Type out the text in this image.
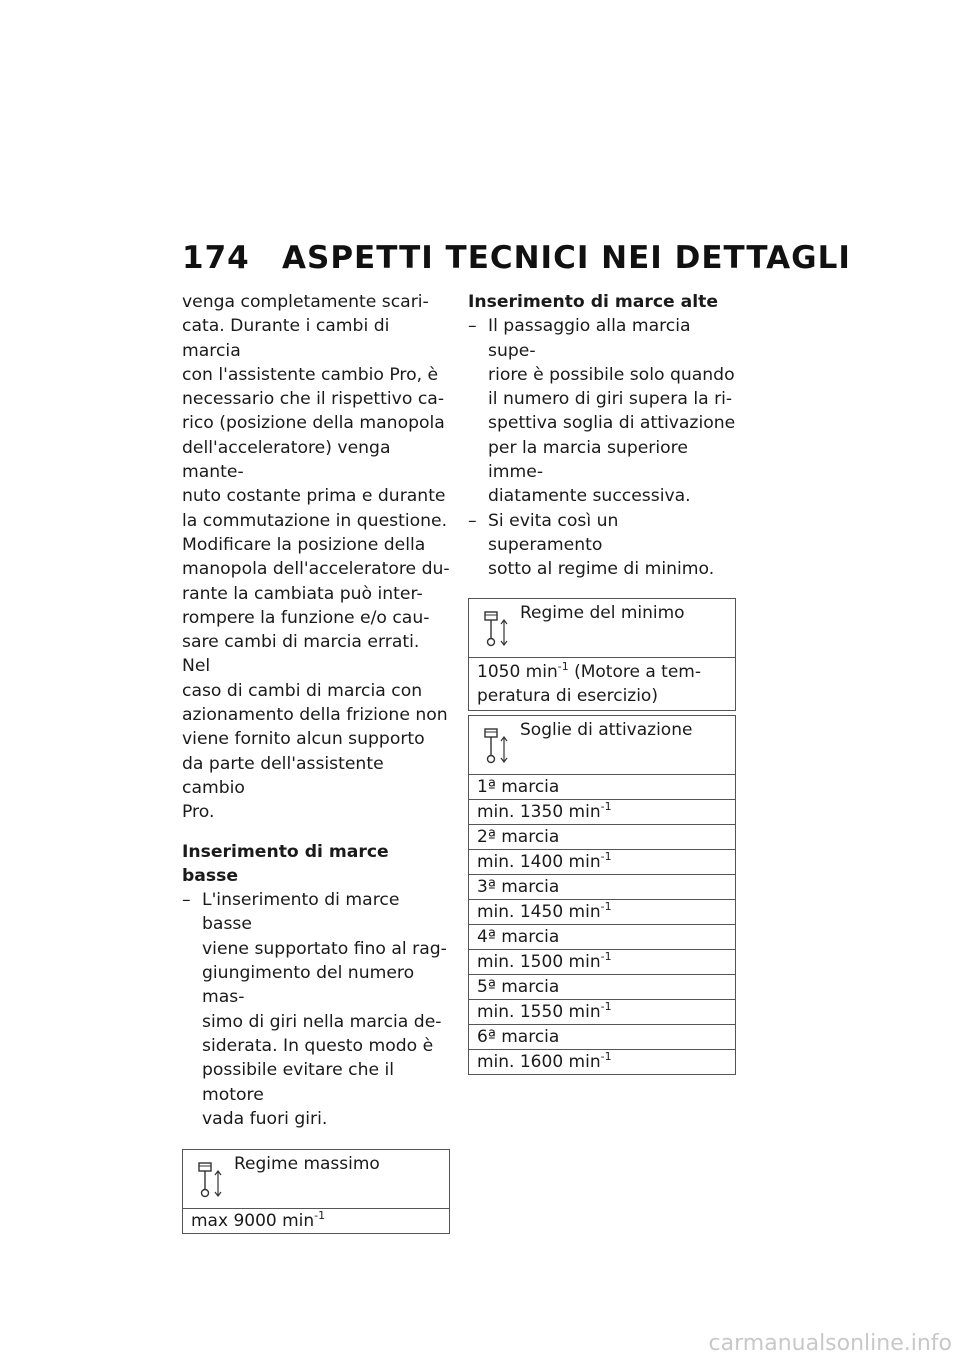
174 ASPETTI TECNICI NEI DETTAGLI
venga completamente scari-
cata. Durante i cambi di marcia
con l'assistente cambio Pro, è
necessario che il rispettivo ca-
rico (posizione della manopola
dell'acceleratore) venga mante-
nuto costante prima e durante
la commutazione in questione.
Modificare la posizione della
manopola dell'acceleratore du-
rante la cambiata può inter-
rompere la funzione e/o cau-
sare cambi di marcia errati. Nel
caso di cambi di marcia con
azionamento della frizione non
viene fornito alcun supporto
da parte dell'assistente cambio
Pro.
Inserimento di marce basse
– L'inserimento di marce basse
viene supportato fino al rag-
giungimento del numero mas-
simo di giri nella marcia de-
siderata. In questo modo è
possibile evitare che il motore
vada fuori giri.
Regime massimo
max 9000 $\min^{-1}$
Inserimento di marce alte
– Il passaggio alla marcia supe-
riore è possibile solo quando
il numero di giri supera la ri-
spettiva soglia di attivazione
per la marcia superiore imme-
diatamente successiva.
– Si evita così un superamento
sotto al regime di minimo.
Regime del minimo
1050 $\min^{-1}$ (Motore a tem-
peratura di esercizio)
Soglie di attivazione
1ª marcia
min. 1350 $\min^{-1}$
2ª marcia
min. 1400 $\min^{-1}$
3ª marcia
min. 1450 $\min^{-1}$
4ª marcia
min. 1500 $\min^{-1}$
5ª marcia
min. 1550 $\min^{-1}$
6ª marcia
min. 1600 $\min^{-1}$
carmanualsonline.info
